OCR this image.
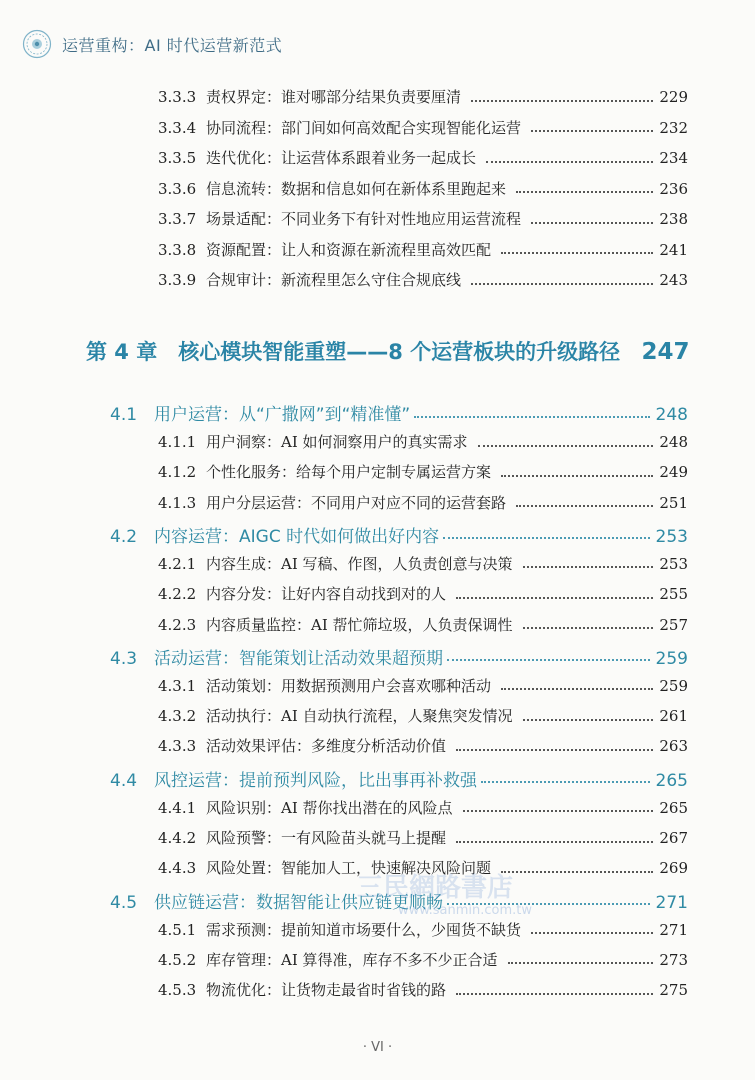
运营重构：AI 时代运营新范式
3.3.3 责权界定：谁对哪部分结果负责要厘清	229
3.3.4 协同流程：部门间如何高效配合实现智能化运营	232
3.3.5 迭代优化：让运营体系跟着业务一起成长	234
3.3.6 信息流转：数据和信息如何在新体系里跑起来	236
3.3.7 场景适配：不同业务下有针对性地应用运营流程	238
3.3.8 资源配置：让人和资源在新流程里高效匹配	241
3.3.9 合规审计：新流程里怎么守住合规底线	243
4.1 用户运营：从“广撒网”到“精准懂”	248
4.1.1 用户洞察：AI 如何洞察用户的真实需求	248
4.1.2 个性化服务：给每个用户定制专属运营方案	249
4.1.3 用户分层运营：不同用户对应不同的运营套路	251
4.2 内容运营：AIGC 时代如何做出好内容	253
4.2.1 内容生成：AI 写稿、作图，人负责创意与决策	253
4.2.2 内容分发：让好内容自动找到对的人	255
4.2.3 内容质量监控：AI 帮忙筛垃圾，人负责保调性	257
4.3 活动运营：智能策划让活动效果超预期	259
4.3.1 活动策划：用数据预测用户会喜欢哪种活动	259
4.3.2 活动执行：AI 自动执行流程，人聚焦突发情况	261
4.3.3 活动效果评估：多维度分析活动价值	263
4.4 风控运营：提前预判风险，比出事再补救强	265
4.4.1 风险识别：AI 帮你找出潜在的风险点	265
4.4.2 风险预警：一有风险苗头就马上提醒	267
4.4.3 风险处置：智能加人工，快速解决风险问题	269
4.5 供应链运营：数据智能让供应链更顺畅	271
4.5.1 需求预测：提前知道市场要什么，少囤货不缺货	271
4.5.2 库存管理：AI 算得准，库存不多不少正合适	273
4.5.3 物流优化：让货物走最省时省钱的路	275
第 4 章　核心模块智能重塑——8 个运营板块的升级路径 247
三民網路書店
www.sanmin.com.tw
· VI ·
